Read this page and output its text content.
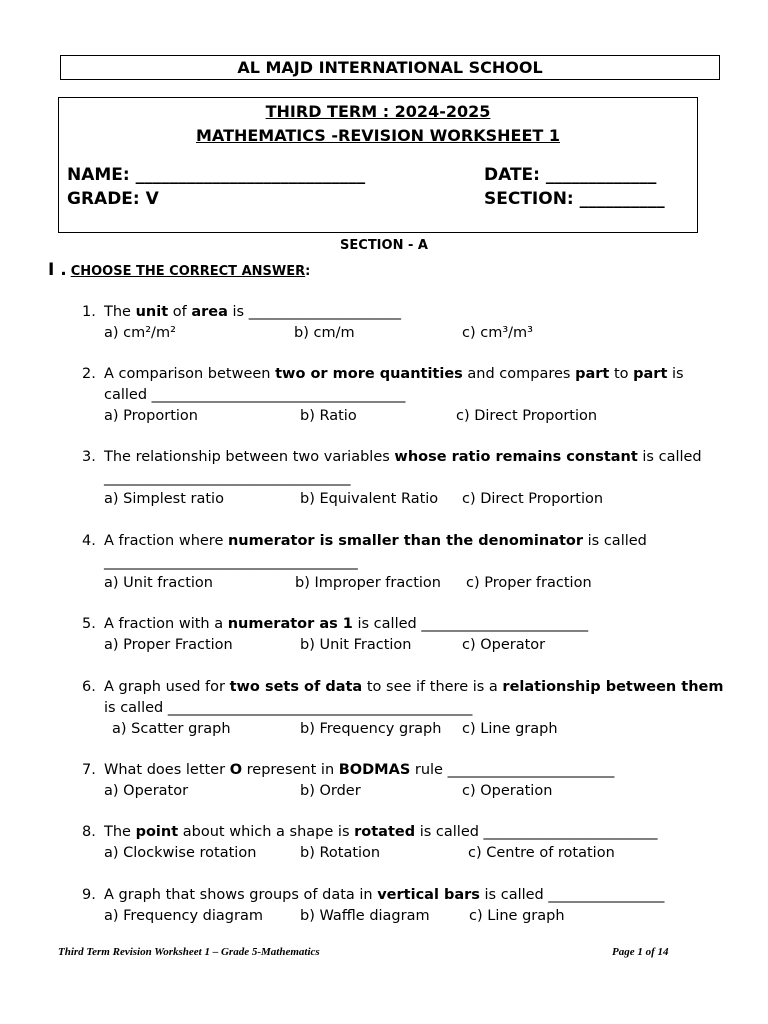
AL MAJD INTERNATIONAL SCHOOL
THIRD TERM : 2024-2025
MATHEMATICS -REVISION WORKSHEET 1
NAME: ___________________________	DATE: _____________
GRADE: V	SECTION: __________
SECTION - A
I . CHOOSE THE CORRECT ANSWER:
1. The unit of area is _____________________
a) cm²/m²	b) cm/m	c) cm³/m³
2. A comparison between two or more quantities and compares part to part is
called ___________________________________
a) Proportion	b) Ratio	c) Direct Proportion
3. The relationship between two variables whose ratio remains constant is called
__________________________________
a) Simplest ratio	b) Equivalent Ratio c) Direct Proportion
4. A fraction where numerator is smaller than the denominator is called
___________________________________
a) Unit fraction	b) Improper fraction c) Proper fraction
5. A fraction with a numerator as 1 is called _______________________
a) Proper Fraction	b) Unit Fraction	c) Operator
6. A graph used for two sets of data to see if there is a relationship between them
is called __________________________________________
a) Scatter graph	b) Frequency graph c) Line graph
7. What does letter O represent in BODMAS rule _______________________
a) Operator	b) Order	c) Operation
8. The point about which a shape is rotated is called ________________________
a) Clockwise rotation	b) Rotation	c) Centre of rotation
9. A graph that shows groups of data in vertical bars is called ________________
a) Frequency diagram	b) Waffle diagram	c) Line graph
Third Term Revision Worksheet 1 – Grade 5-Mathematics	Page 1 of 14
